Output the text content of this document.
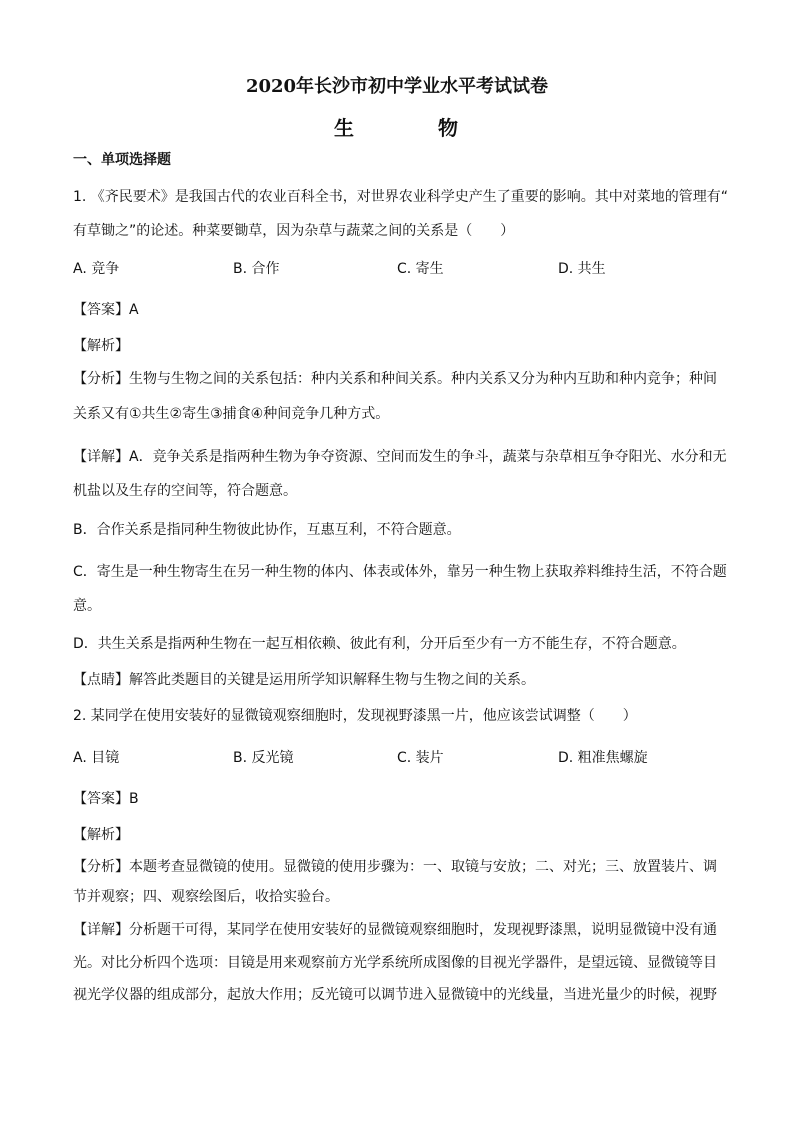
2020年长沙市初中学业水平考试试卷
生	物
一、单项选择题
1. 《齐民要术》是我国古代的农业百科全书，对世界农业科学史产生了重要的影响。其中对菜地的管理有“
有草锄之”的论述。种菜要锄草，因为杂草与蔬菜之间的关系是（　　）
A. 竞争	B. 合作	C. 寄生	D. 共生
【答案】A
【解析】
【分析】生物与生物之间的关系包括：种内关系和种间关系。种内关系又分为种内互助和种内竞争；种间
关系又有①共生②寄生③捕食④种间竞争几种方式。
【详解】A．竞争关系是指两种生物为争夺资源、空间而发生的争斗，蔬菜与杂草相互争夺阳光、水分和无
机盐以及生存的空间等，符合题意。
B．合作关系是指同种生物彼此协作，互惠互利，不符合题意。
C．寄生是一种生物寄生在另一种生物的体内、体表或体外，靠另一种生物上获取养料维持生活，不符合题
意。
D．共生关系是指两种生物在一起互相依赖、彼此有利，分开后至少有一方不能生存，不符合题意。
【点睛】解答此类题目的关键是运用所学知识解释生物与生物之间的关系。
2. 某同学在使用安装好的显微镜观察细胞时，发现视野漆黑一片，他应该尝试调整（　　）
A. 目镜	B. 反光镜	C. 装片	D. 粗准焦螺旋
【答案】B
【解析】
【分析】本题考查显微镜的使用。显微镜的使用步骤为：一、取镜与安放；二、对光；三、放置装片、调
节并观察；四、观察绘图后，收拾实验台。
【详解】分析题干可得，某同学在使用安装好的显微镜观察细胞时，发现视野漆黑，说明显微镜中没有通
光。对比分析四个选项：目镜是用来观察前方光学系统所成图像的目视光学器件，是望远镜、显微镜等目
视光学仪器的组成部分，起放大作用；反光镜可以调节进入显微镜中的光线量，当进光量少的时候，视野
